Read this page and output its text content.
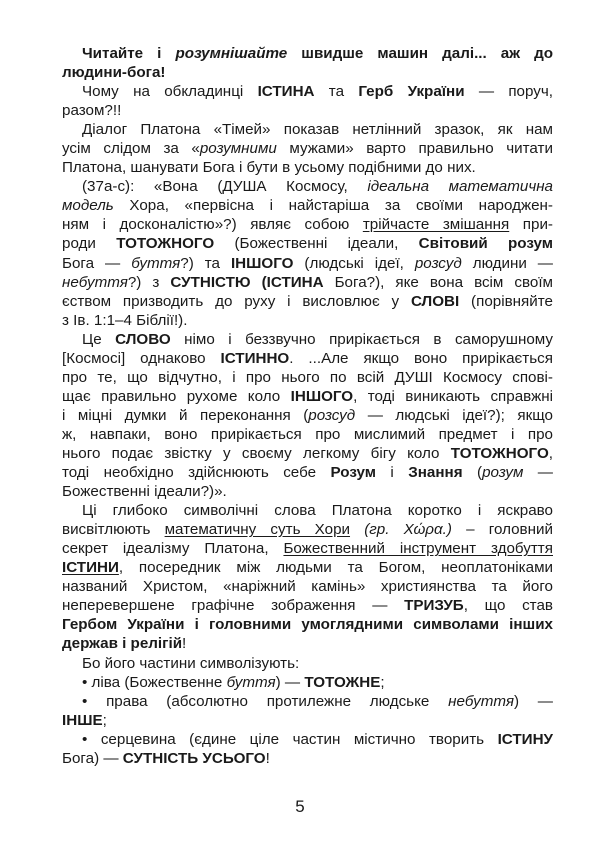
Читайте і розумнішайте швидше машин далі... аж до
людини-бога!
Чому на обкладинці ІСТИНА та Герб України — поруч,
разом?!!
Діалог Платона «Тімей» показав нетлінний зразок, як нам
усім слідом за «розумними мужами» варто правильно читати
Платона, шанувати Бога і бути в усьому подібними до них.
(37а-с): «Вона (ДУША Космосу, ідеальна математична
модель Хора, «первісна і найстаріша за своїми народжен-
ням і досконалістю»?) являє собою трійчасте змішання при-
роди ТОТОЖНОГО (Божественні ідеали, Світовий розум
Бога — буття?) та ІНШОГО (людські ідеї, розсуд людини —
небуття?) з СУТНІСТЮ (ІСТИНА Бога?), яке вона всім своїм
єством призводить до руху і висловлює у СЛОВІ (порівняйте
з Ів. 1:1–4 Біблії!).
Це СЛОВО німо і беззвучно прирікається в саморушному
[Космосі] однаково ІСТИННО. ...Але якщо воно прирікається
про те, що відчутно, і про нього по всій ДУШІ Космосу спові-
щає правильно рухоме коло ІНШОГО, тоді виникають справжні
і міцні думки й переконання (розсуд — людські ідеї?); якщо
ж, навпаки, воно прирікається про мислимий предмет і про
нього подає звістку у своєму легкому бігу коло ТОТОЖНОГО,
тоді необхідно здійснюють себе Розум і Знання (розум —
Божественні ідеали?)».
Ці глибоко символічні слова Платона коротко і яскраво
висвітлюють математичну суть Хори (гр. Χώρα.) – головний
секрет ідеалізму Платона, Божественний інструмент здобуття
ІСТИНИ, посередник між людьми та Богом, неоплатоніками
названий Христом, «наріжний камінь» християнства та його
неперевершене графічне зображення — ТРИЗУБ, що став
Гербом України і головними умоглядними символами інших
держав і релігій!
Бо його частини символізують:
• ліва (Божественне буття) — ТОТОЖНЕ;
• права (абсолютно протилежне людське небуття) —
ІНШЕ;
• серцевина (єдине ціле частин містично творить ІСТИНУ
Бога) — СУТНІСТЬ УСЬОГО!
5
